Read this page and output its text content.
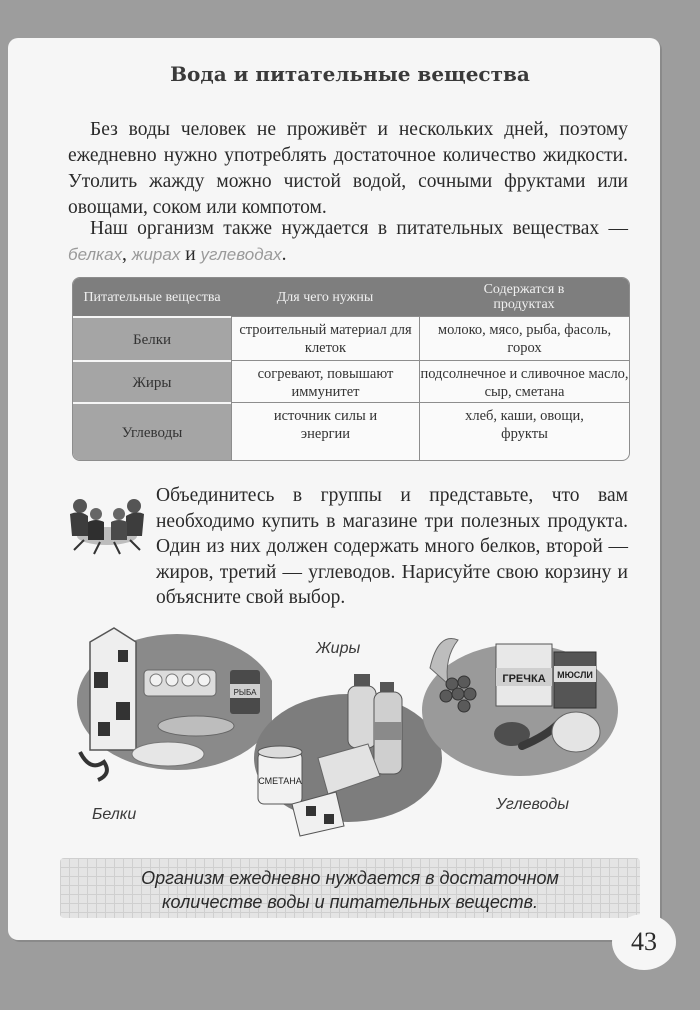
Вода и питательные вещества

Без воды человек не проживёт и нескольких дней, поэтому ежедневно нужно употреблять достаточное количество жидкости. Утолить жажду можно чистой водой, сочными фруктами или овощами, соком или компотом.

Наш организм также нуждается в питательных веществах — белках, жирах и углеводах.

Питательные вещества	Для чего нужны	Содержатся в продуктах
Белки
строительный материал для клеток
молоко, мясо, рыба, фасоль, горох
Жиры
согревают, повышают иммунитет
подсолнечное и сливочное масло, сыр, сметана
Углеводы
источник силы и энергии
хлеб, каши, овощи, фрукты

Объединитесь в группы и представьте, что вам необходимо купить в магазине три полезных продукта. Один из них должен содержать много белков, второй — жиров, третий — углеводов. Нарисуйте свою корзину и объясните свой выбор.

РЫБА
СМЕТАНА
ГРЕЧКА МЮСЛИ
Жиры
Белки
Углеводы

Организм ежедневно нуждается в достаточном
количестве воды и питательных веществ.

43
